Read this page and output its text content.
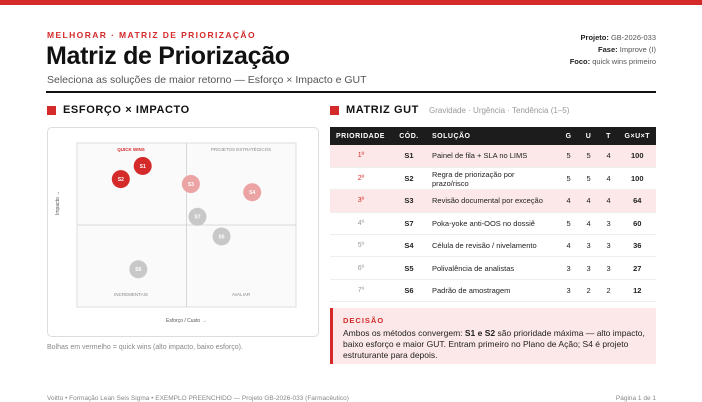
MELHORAR · MATRIZ DE PRIORIZAÇÃO
Matriz de Priorização
Seleciona as soluções de maior retorno — Esforço × Impacto e GUT
Projeto: GB-2026-033
Fase: Improve (I)
Foco: quick wins primeiro
ESFORÇO × IMPACTO
QUICK WINS	PROJETOS ESTRATÉGICOS
INCREMENTAIS	AVALIAR
S1
S2
S3
S4
S5
S6
S7
Impacto →
Esforço / Custo →
Bolhas em vermelho = quick wins (alto impacto, baixo esforço).
MATRIZ GUT Gravidade · Urgência · Tendência (1–5)
PRIORIDADE	CÓD.	SOLUÇÃO	G	U	T	G×U×T
1º	S1	Painel de fila + SLA no LIMS	5	5	4	100
2º	S2	Regra de priorização por prazo/risco	5	5	4	100
3º	S3	Revisão documental por exceção	4	4	4	64
4º	S7	Poka-yoke anti-OOS no dossiê	5	4	3	60
5º	S4	Célula de revisão / nivelamento	4	3	3	36
6º	S5	Polivalência de analistas	3	3	3	27
7º	S6	Padrão de amostragem	3	2	2	12
DECISÃO
Ambos os métodos convergem: S1 e S2 são prioridade máxima — alto impacto, baixo esforço e maior GUT. Entram primeiro no Plano de Ação; S4 é projeto estruturante para depois.
Voitto • Formação Lean Seis Sigma • EXEMPLO PREENCHIDO — Projeto GB-2026-033 (Farmacêutico)	Página 1 de 1
